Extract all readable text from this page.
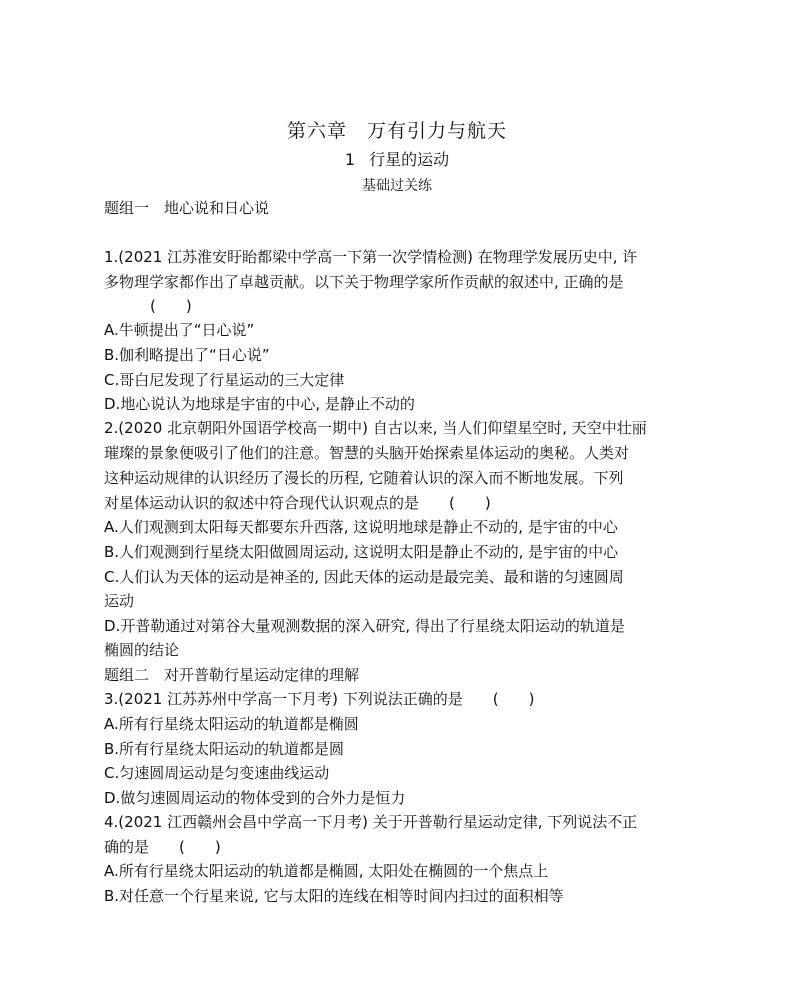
第六章　万有引力与航天
1 行星的运动
基础过关练
题组一　地心说和日心说
1.(2021 江苏淮安盱眙都梁中学高一下第一次学情检测) 在物理学发展历史中, 许
多物理学家都作出了卓越贡献。以下关于物理学家所作贡献的叙述中, 正确的是
(　　)
A.牛顿提出了“日心说”
B.伽利略提出了“日心说”
C.哥白尼发现了行星运动的三大定律
D.地心说认为地球是宇宙的中心, 是静止不动的
2.(2020 北京朝阳外国语学校高一期中) 自古以来, 当人们仰望星空时, 天空中壮丽
璀璨的景象便吸引了他们的注意。智慧的头脑开始探索星体运动的奥秘。人类对
这种运动规律的认识经历了漫长的历程, 它随着认识的深入而不断地发展。下列
对星体运动认识的叙述中符合现代认识观点的是　　(　　)
A.人们观测到太阳每天都要东升西落, 这说明地球是静止不动的, 是宇宙的中心
B.人们观测到行星绕太阳做圆周运动, 这说明太阳是静止不动的, 是宇宙的中心
C.人们认为天体的运动是神圣的, 因此天体的运动是最完美、最和谐的匀速圆周
运动
D.开普勒通过对第谷大量观测数据的深入研究, 得出了行星绕太阳运动的轨道是
椭圆的结论
题组二　对开普勒行星运动定律的理解
3.(2021 江苏苏州中学高一下月考) 下列说法正确的是　　(　　)
A.所有行星绕太阳运动的轨道都是椭圆
B.所有行星绕太阳运动的轨道都是圆
C.匀速圆周运动是匀变速曲线运动
D.做匀速圆周运动的物体受到的合外力是恒力
4.(2021 江西赣州会昌中学高一下月考) 关于开普勒行星运动定律, 下列说法不正
确的是　　(　　)
A.所有行星绕太阳运动的轨道都是椭圆, 太阳处在椭圆的一个焦点上
B.对任意一个行星来说, 它与太阳的连线在相等时间内扫过的面积相等
